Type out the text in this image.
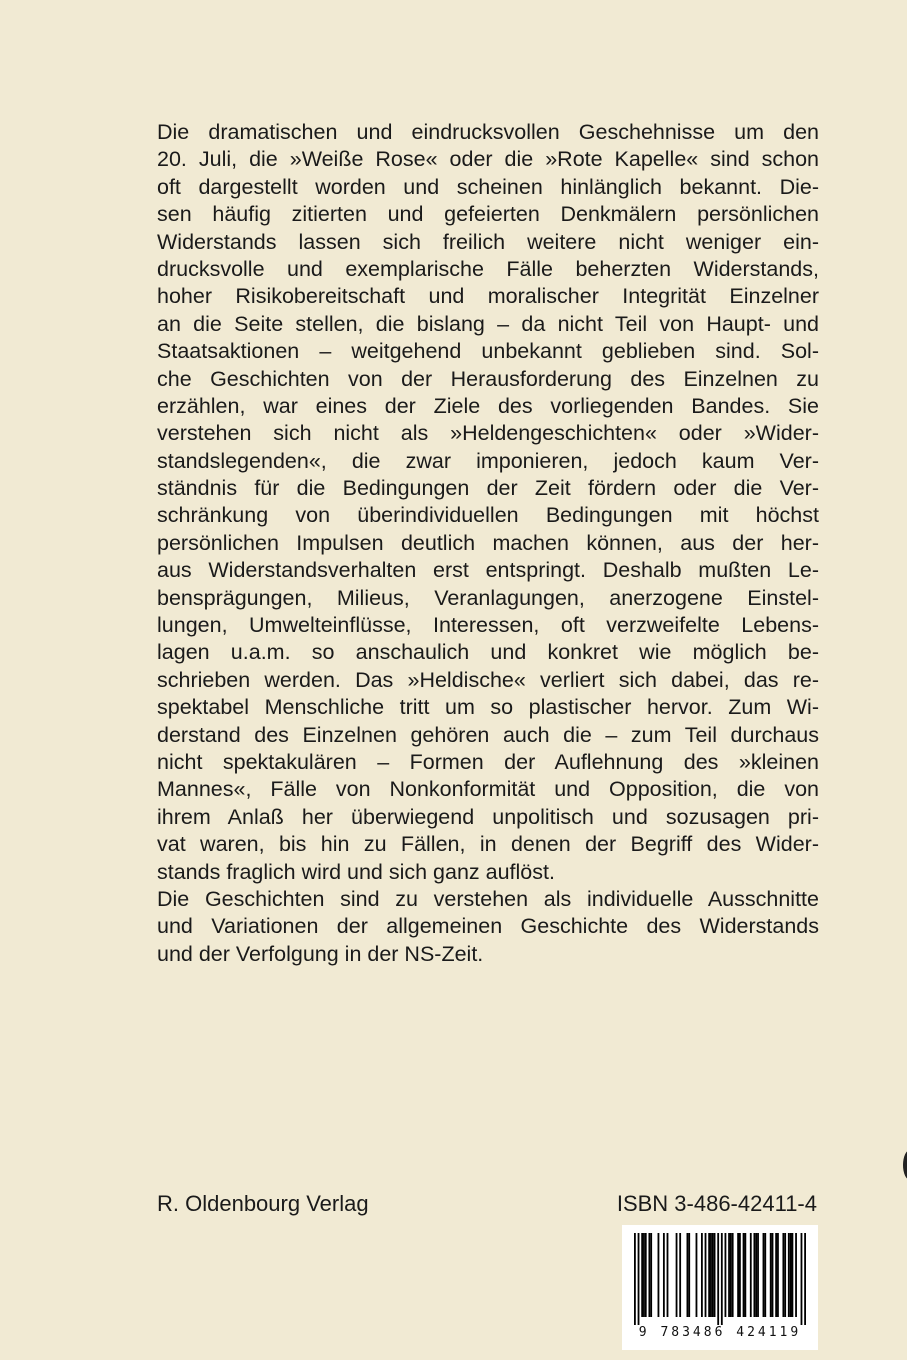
Die dramatischen und eindrucksvollen Geschehnisse um den
20. Juli, die »Weiße Rose« oder die »Rote Kapelle« sind schon
oft dargestellt worden und scheinen hinlänglich bekannt. Die-
sen häufig zitierten und gefeierten Denkmälern persönlichen
Widerstands lassen sich freilich weitere nicht weniger ein-
drucksvolle und exemplarische Fälle beherzten Widerstands,
hoher Risikobereitschaft und moralischer Integrität Einzelner
an die Seite stellen, die bislang – da nicht Teil von Haupt- und
Staatsaktionen – weitgehend unbekannt geblieben sind. Sol-
che Geschichten von der Herausforderung des Einzelnen zu
erzählen, war eines der Ziele des vorliegenden Bandes. Sie
verstehen sich nicht als »Heldengeschichten« oder »Wider-
standslegenden«, die zwar imponieren, jedoch kaum Ver-
ständnis für die Bedingungen der Zeit fördern oder die Ver-
schränkung von überindividuellen Bedingungen mit höchst
persönlichen Impulsen deutlich machen können, aus der her-
aus Widerstandsverhalten erst entspringt. Deshalb mußten Le-
bensprägungen, Milieus, Veranlagungen, anerzogene Einstel-
lungen, Umwelteinflüsse, Interessen, oft verzweifelte Lebens-
lagen u.a.m. so anschaulich und konkret wie möglich be-
schrieben werden. Das »Heldische« verliert sich dabei, das re-
spektabel Menschliche tritt um so plastischer hervor. Zum Wi-
derstand des Einzelnen gehören auch die – zum Teil durchaus
nicht spektakulären – Formen der Auflehnung des »kleinen
Mannes«, Fälle von Nonkonformität und Opposition, die von
ihrem Anlaß her überwiegend unpolitisch und sozusagen pri-
vat waren, bis hin zu Fällen, in denen der Begriff des Wider-
stands fraglich wird und sich ganz auflöst.
Die Geschichten sind zu verstehen als individuelle Ausschnitte
und Variationen der allgemeinen Geschichte des Widerstands
und der Verfolgung in der NS-Zeit.
R. Oldenbourg Verlag	ISBN 3-486-42411-4
9 783486 424119
